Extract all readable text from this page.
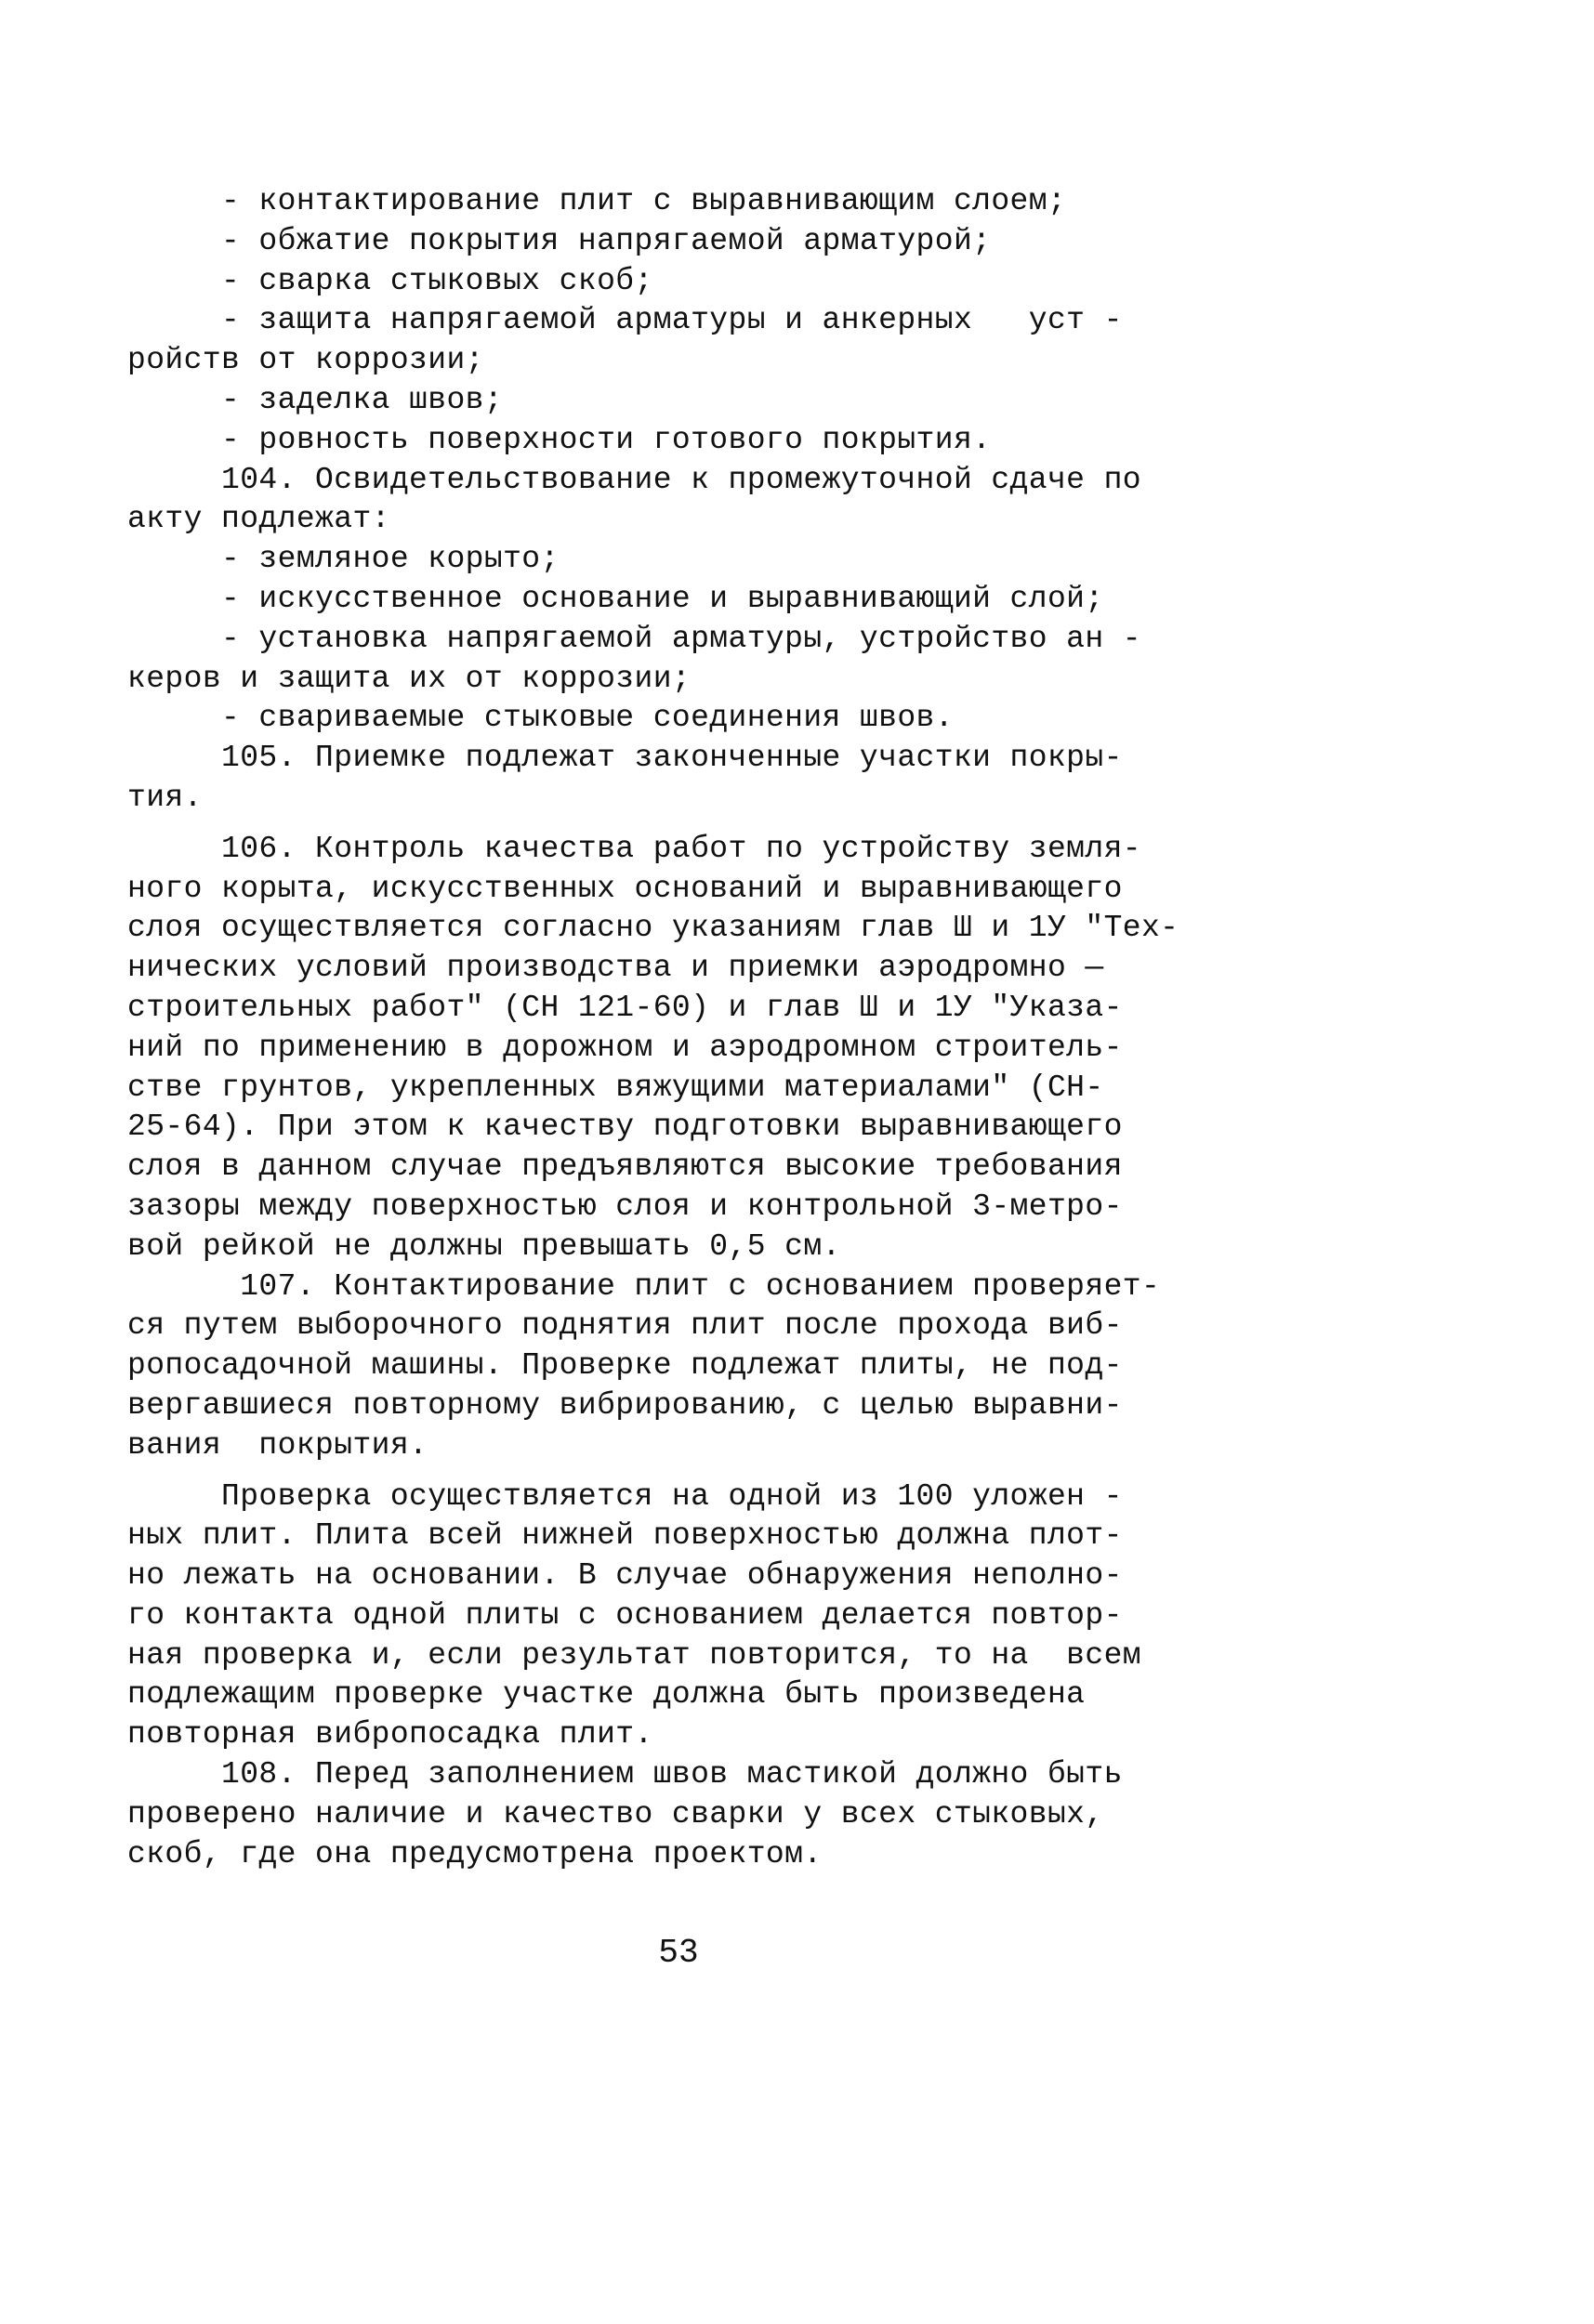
- контактирование плит с выравнивающим слоем;
- обжатие покрытия напрягаемой арматурой;
- сварка стыковых скоб;
- защита напрягаемой арматуры и анкерных   уст -
ройств от коррозии;
- заделка швов;
- ровность поверхности готового покрытия.
104. Освидетельствование к промежуточной сдаче по
акту подлежат:
- земляное корыто;
- искусственное основание и выравнивающий слой;
- установка напрягаемой арматуры, устройство ан -
керов и защита их от коррозии;
- свариваемые стыковые соединения швов.
105. Приемке подлежат законченные участки покры-
тия.
106. Контроль качества работ по устройству земля-
ного корыта, искусственных оснований и выравнивающего
слоя осуществляется согласно указаниям глав Ш и 1У "Тех-
нических условий производства и приемки аэродромно —
строительных работ" (СН 121-60) и глав Ш и 1У "Указа-
ний по применению в дорожном и аэродромном строитель-
стве грунтов, укрепленных вяжущими материалами" (СН-
25-64). При этом к качеству подготовки выравнивающего
слоя в данном случае предъявляются высокие требования
зазоры между поверхностью слоя и контрольной 3-метро-
вой рейкой не должны превышать 0,5 см.
107. Контактирование плит с основанием проверяет-
ся путем выборочного поднятия плит после прохода виб-
ропосадочной машины. Проверке подлежат плиты, не под-
вергавшиеся повторному вибрированию, с целью выравни-
вания  покрытия.
Проверка осуществляется на одной из 100 уложен -
ных плит. Плита всей нижней поверхностью должна плот-
но лежать на основании. В случае обнаружения неполно-
го контакта одной плиты с основанием делается повтор-
ная проверка и, если результат повторится, то на  всем
подлежащим проверке участке должна быть произведена
повторная вибропосадка плит.
108. Перед заполнением швов мастикой должно быть
проверено наличие и качество сварки у всех стыковых,
скоб, где она предусмотрена проектом.
53
